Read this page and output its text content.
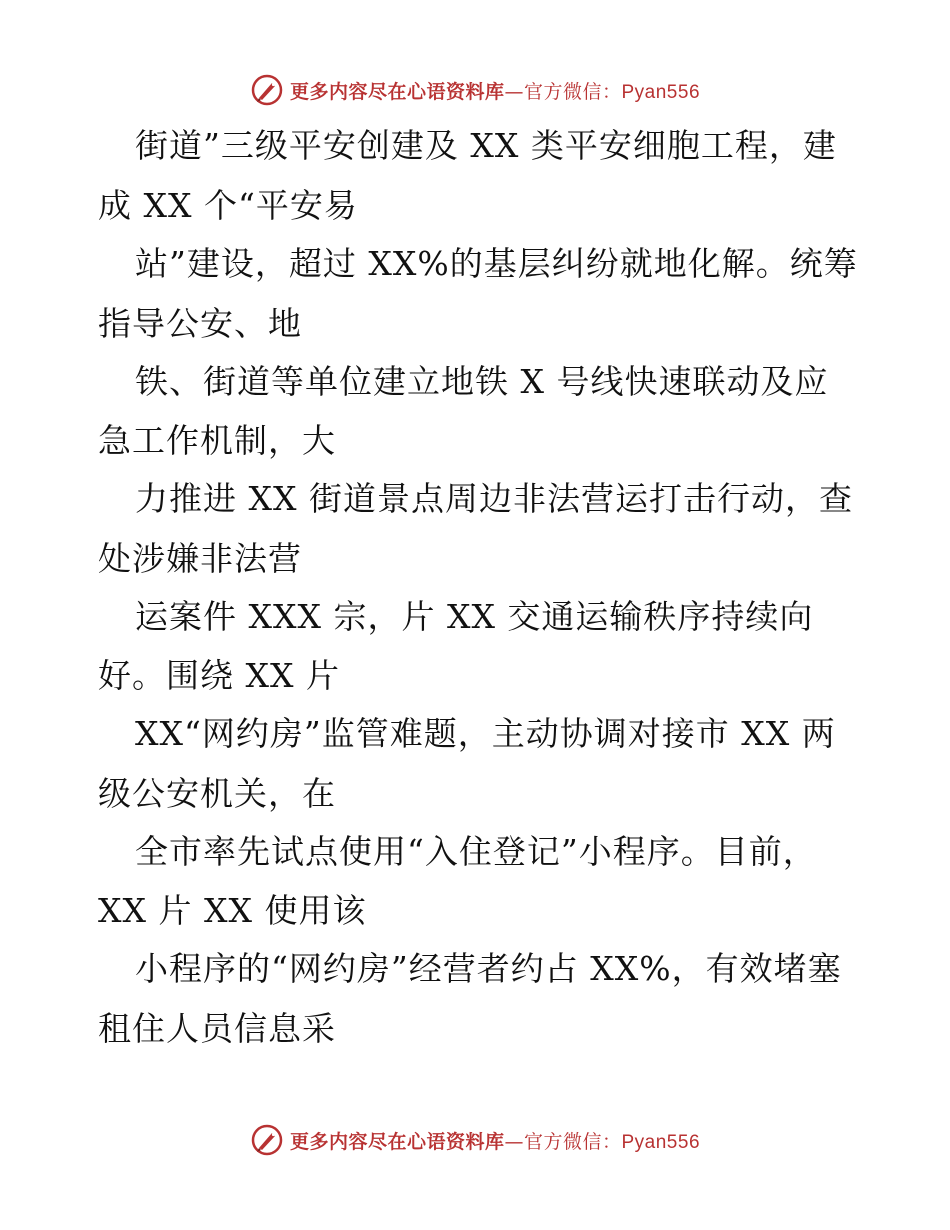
更多内容尽在心语资料库—官方微信：Pyan556
街道”三级平安创建及 XX 类平安细胞工程，建
成 XX 个“平安易
站”建设，超过 XX%的基层纠纷就地化解。统筹
指导公安、地
铁、街道等单位建立地铁 X 号线快速联动及应
急工作机制，大
力推进 XX 街道景点周边非法营运打击行动，查
处涉嫌非法营
运案件 XXX 宗，片 XX 交通运输秩序持续向
好。围绕 XX 片
XX“网约房”监管难题，主动协调对接市 XX 两
级公安机关，在
全市率先试点使用“入住登记”小程序。目前，
XX 片 XX 使用该
小程序的“网约房”经营者约占 XX%，有效堵塞
租住人员信息采
更多内容尽在心语资料库—官方微信：Pyan556
